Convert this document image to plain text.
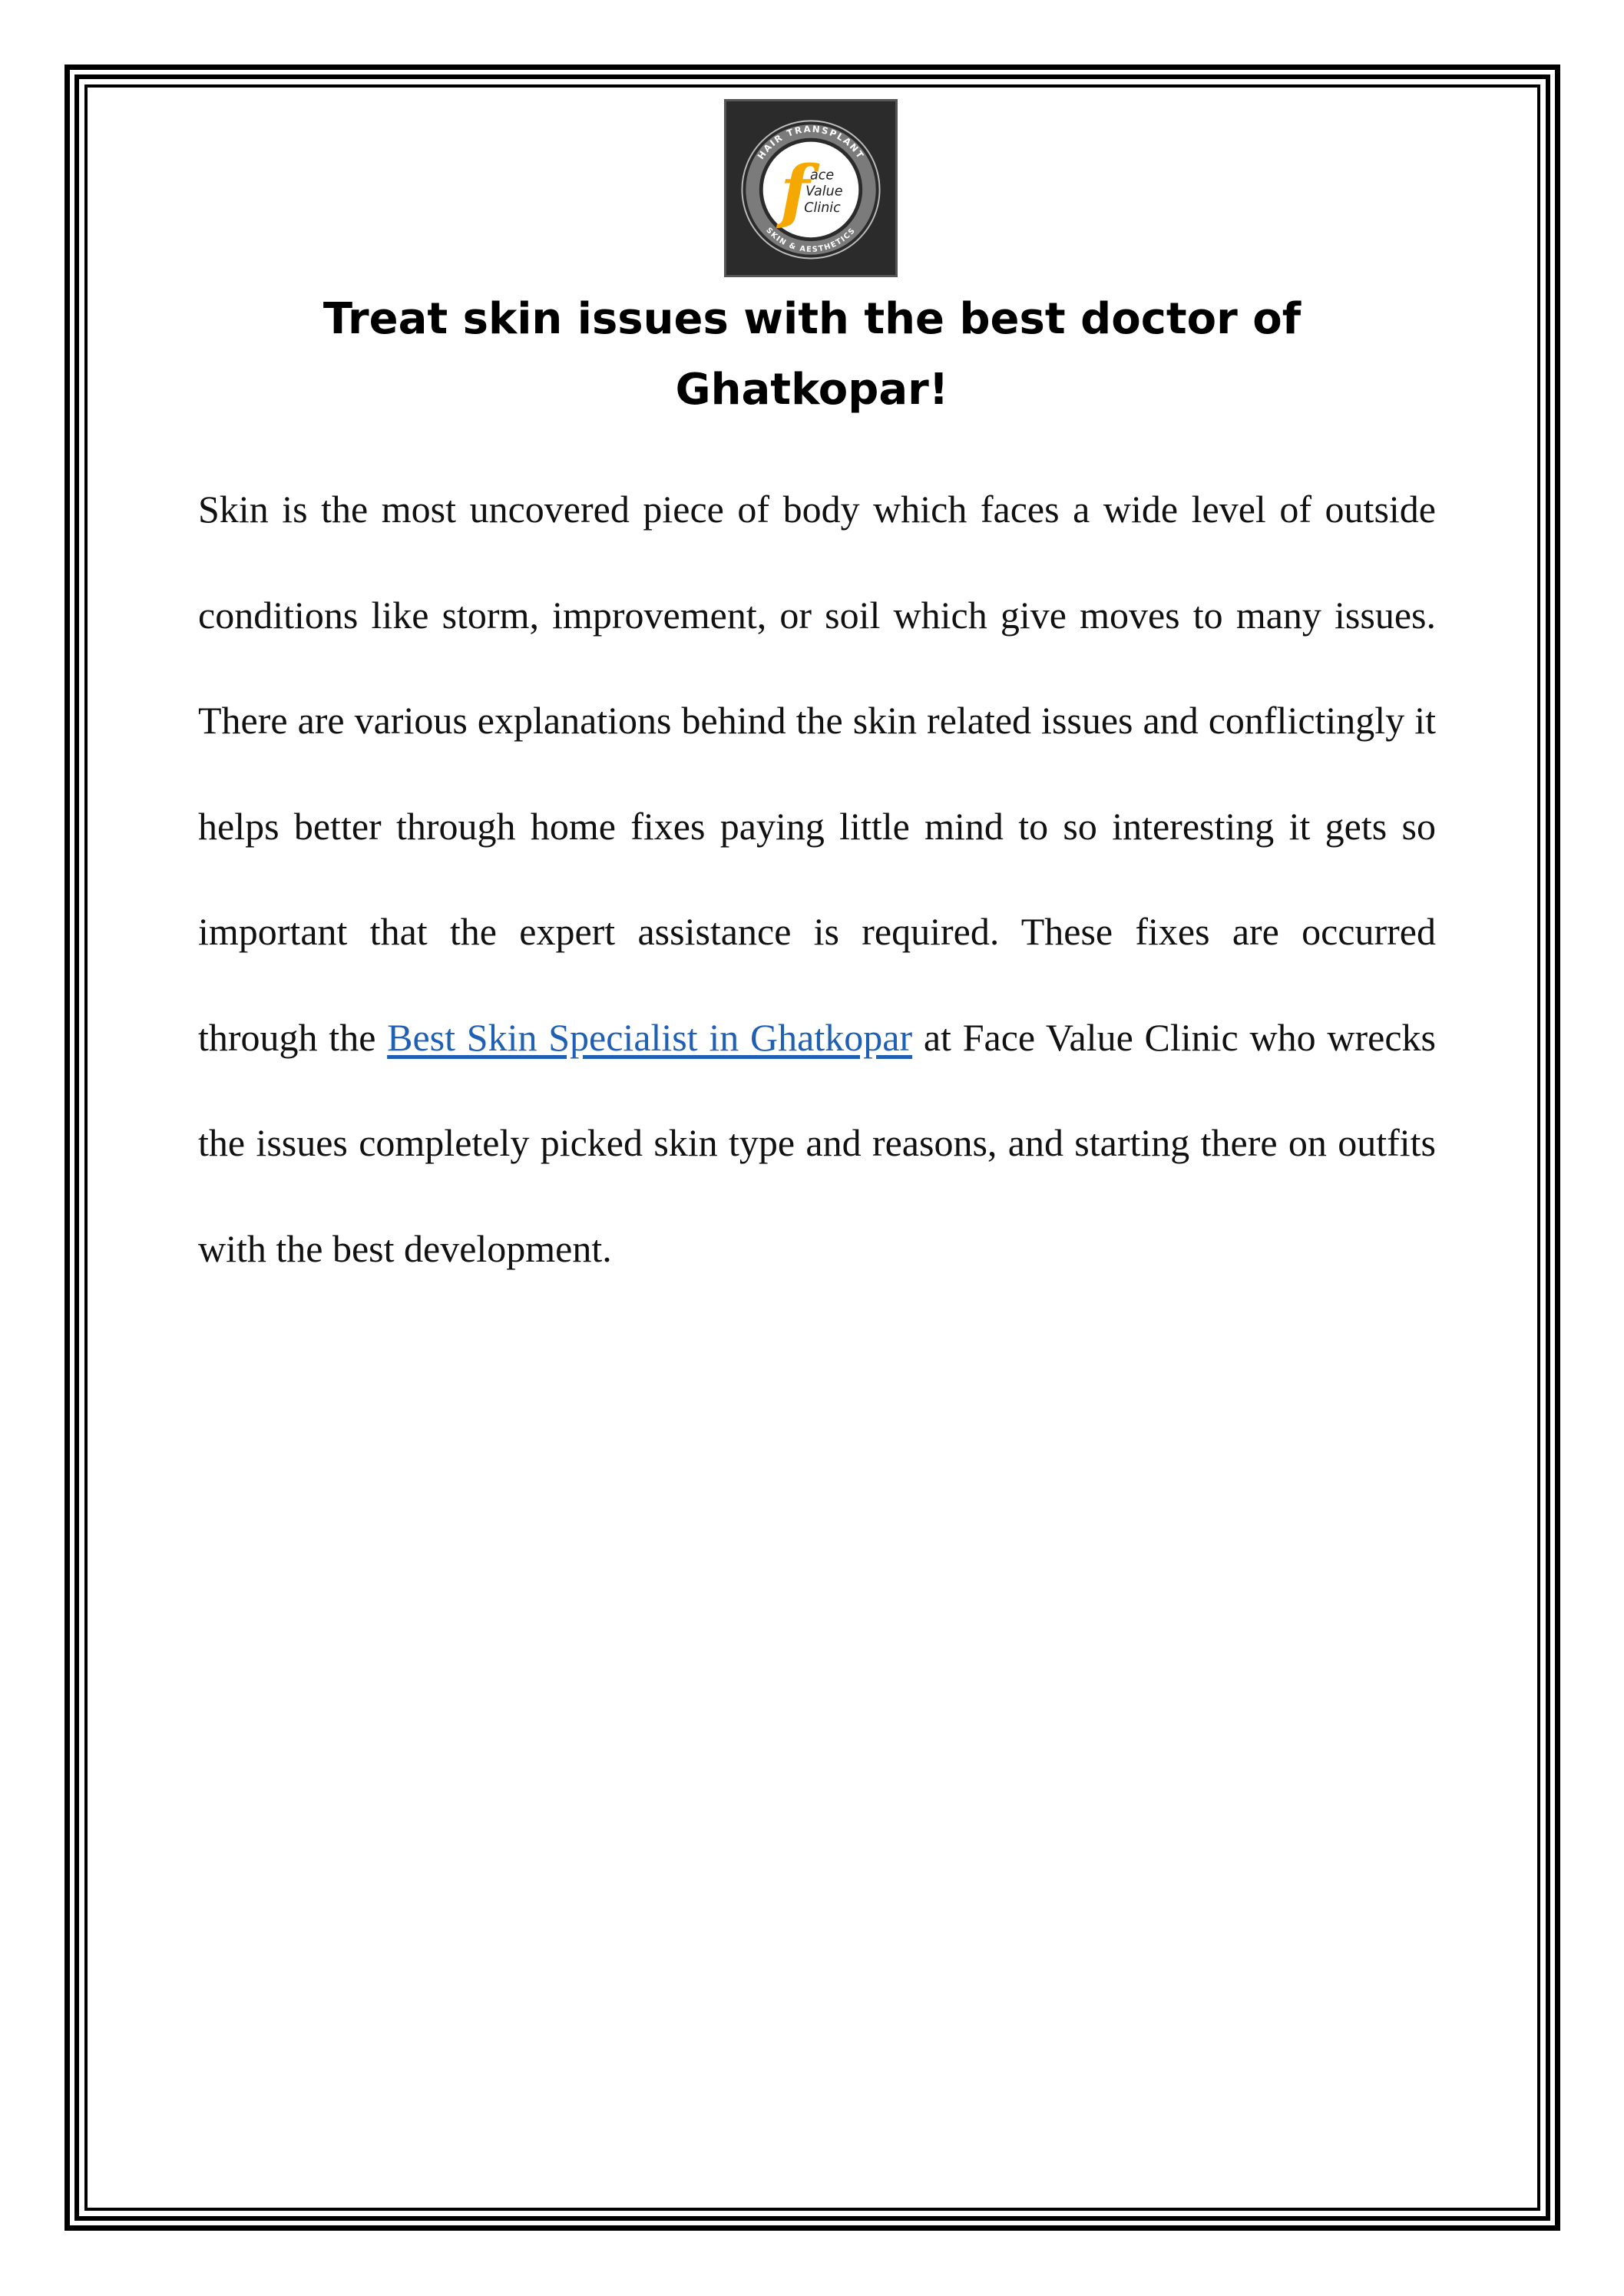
HAIR TRANSPLANT
SKIN & AESTHETICS
f ace
Value
Clinic
Treat skin issues with the best doctor of
Ghatkopar!

Skin is the most uncovered piece of body which faces a wide level of outside conditions like storm, improvement, or soil which give moves to many issues. There are various explanations behind the skin related issues and conflictingly it helps better through home fixes paying little mind to so interesting it gets so important that the expert assistance is required. These fixes are occurred through the Best Skin Specialist in Ghatkopar at Face Value Clinic who wrecks the issues completely picked skin type and reasons, and starting there on outfits with the best development.
